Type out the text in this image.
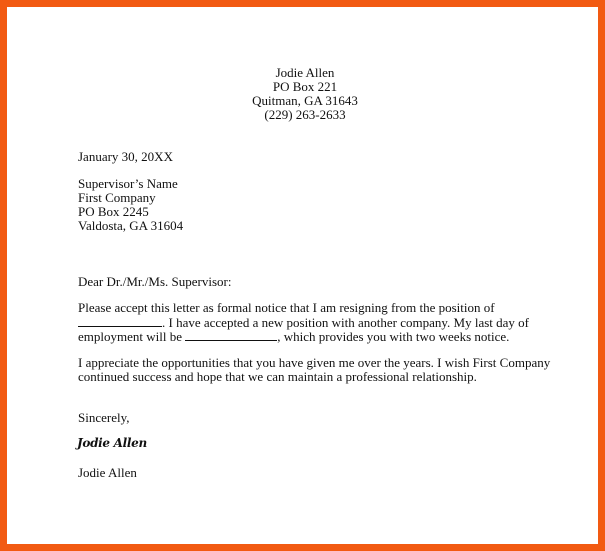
Jodie Allen
PO Box 221
Quitman, GA 31643
(229) 263-2633
January 30, 20XX
Supervisor’s Name
First Company
PO Box 2245
Valdosta, GA 31604
Dear Dr./Mr./Ms. Supervisor:
Please accept this letter as formal notice that I am resigning from the position of
. I have accepted a new position with another company. My last day of
employment will be	, which provides you with two weeks notice.
I appreciate the opportunities that you have given me over the years. I wish First Company
continued success and hope that we can maintain a professional relationship.
Sincerely,
Jodie Allen
Jodie Allen
